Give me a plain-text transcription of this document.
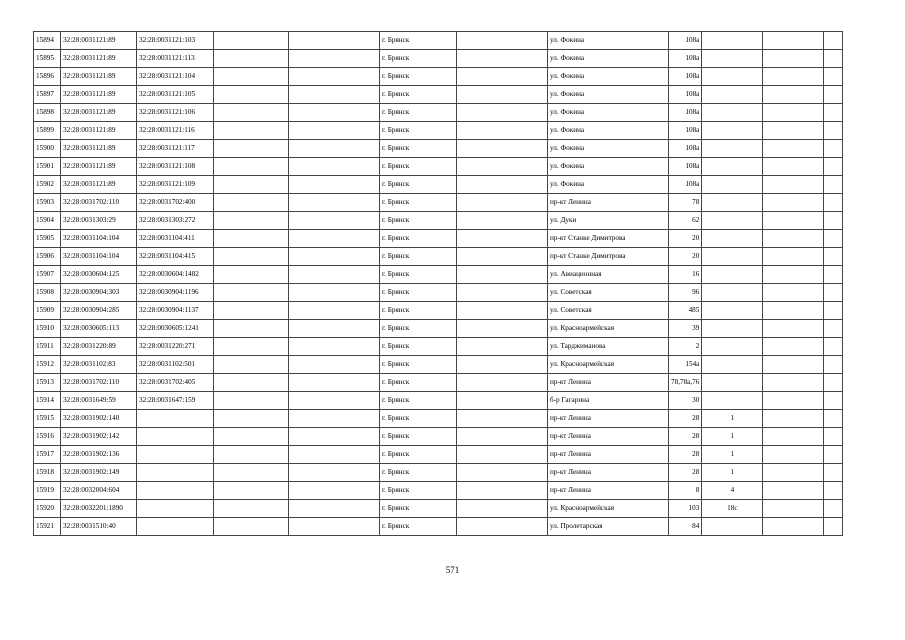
15894	32:28:0031121:89	32:28:0031121:103			г. Брянск		ул. Фокина	108а			
15895	32:28:0031121:89	32:28:0031121:113			г. Брянск		ул. Фокина	108а			
15896	32:28:0031121:89	32:28:0031121:104			г. Брянск		ул. Фокина	108а			
15897	32:28:0031121:89	32:28:0031121:105			г. Брянск		ул. Фокина	108а			
15898	32:28:0031121:89	32:28:0031121:106			г. Брянск		ул. Фокина	108а			
15899	32:28:0031121:89	32:28:0031121:116			г. Брянск		ул. Фокина	108а			
15900	32:28:0031121:89	32:28:0031121:117			г. Брянск		ул. Фокина	108а			
15901	32:28:0031121:89	32:28:0031121:108			г. Брянск		ул. Фокина	108а			
15902	32:28:0031121:89	32:28:0031121:109			г. Брянск		ул. Фокина	108а			
15903	32:28:0031702:110	32:28:0031702:400			г. Брянск		пр-кт Ленина	78			
15904	32:28:0031303:29	32:28:0031303:272			г. Брянск		ул. Дуки	62			
15905	32:28:0031104:104	32:28:0031104:411			г. Брянск		пр-кт Станке Димитрова	20			
15906	32:28:0031104:104	32:28:0031104:415			г. Брянск		пр-кт Станке Димитрова	20			
15907	32:28:0030604:125	32:28:0030604:1482			г. Брянск		ул. Авиационная	16			
15908	32:28:0030904:303	32:28:0030904:1196			г. Брянск		ул. Советская	96			
15909	32:28:0030904:285	32:28:0030904:1137			г. Брянск		ул. Советская	485			
15910	32:28:0030605:113	32:28:0030605:1241			г. Брянск		ул. Красноармейская	39			
15911	32:28:0031220:89	32:28:0031220:271			г. Брянск		ул. Тарджиманова	2			
15912	32:28:0031102:83	32:28:0031102:501			г. Брянск		ул. Красноармейская	154а			
15913	32:28:0031702:110	32:28:0031702:405			г. Брянск		пр-кт Ленина	78,78а,76			
15914	32:28:0031649:59	32:28:0031647:159			г. Брянск		б-р Гагарина	30			
15915	32:28:0031902:140				г. Брянск		пр-кт Ленина	28	1		
15916	32:28:0031902:142				г. Брянск		пр-кт Ленина	28	1		
15917	32:28:0031902:136				г. Брянск		пр-кт Ленина	28	1		
15918	32:28:0031902:149				г. Брянск		пр-кт Ленина	28	1		
15919	32:28:0032004:604				г. Брянск		пр-кт Ленина	8	4		
15920	32:28:0032201:1890				г. Брянск		ул. Красноармейская	103	18с		
15921	32:28:0031510:40				г. Брянск		ул. Пролетарская	84			
571
